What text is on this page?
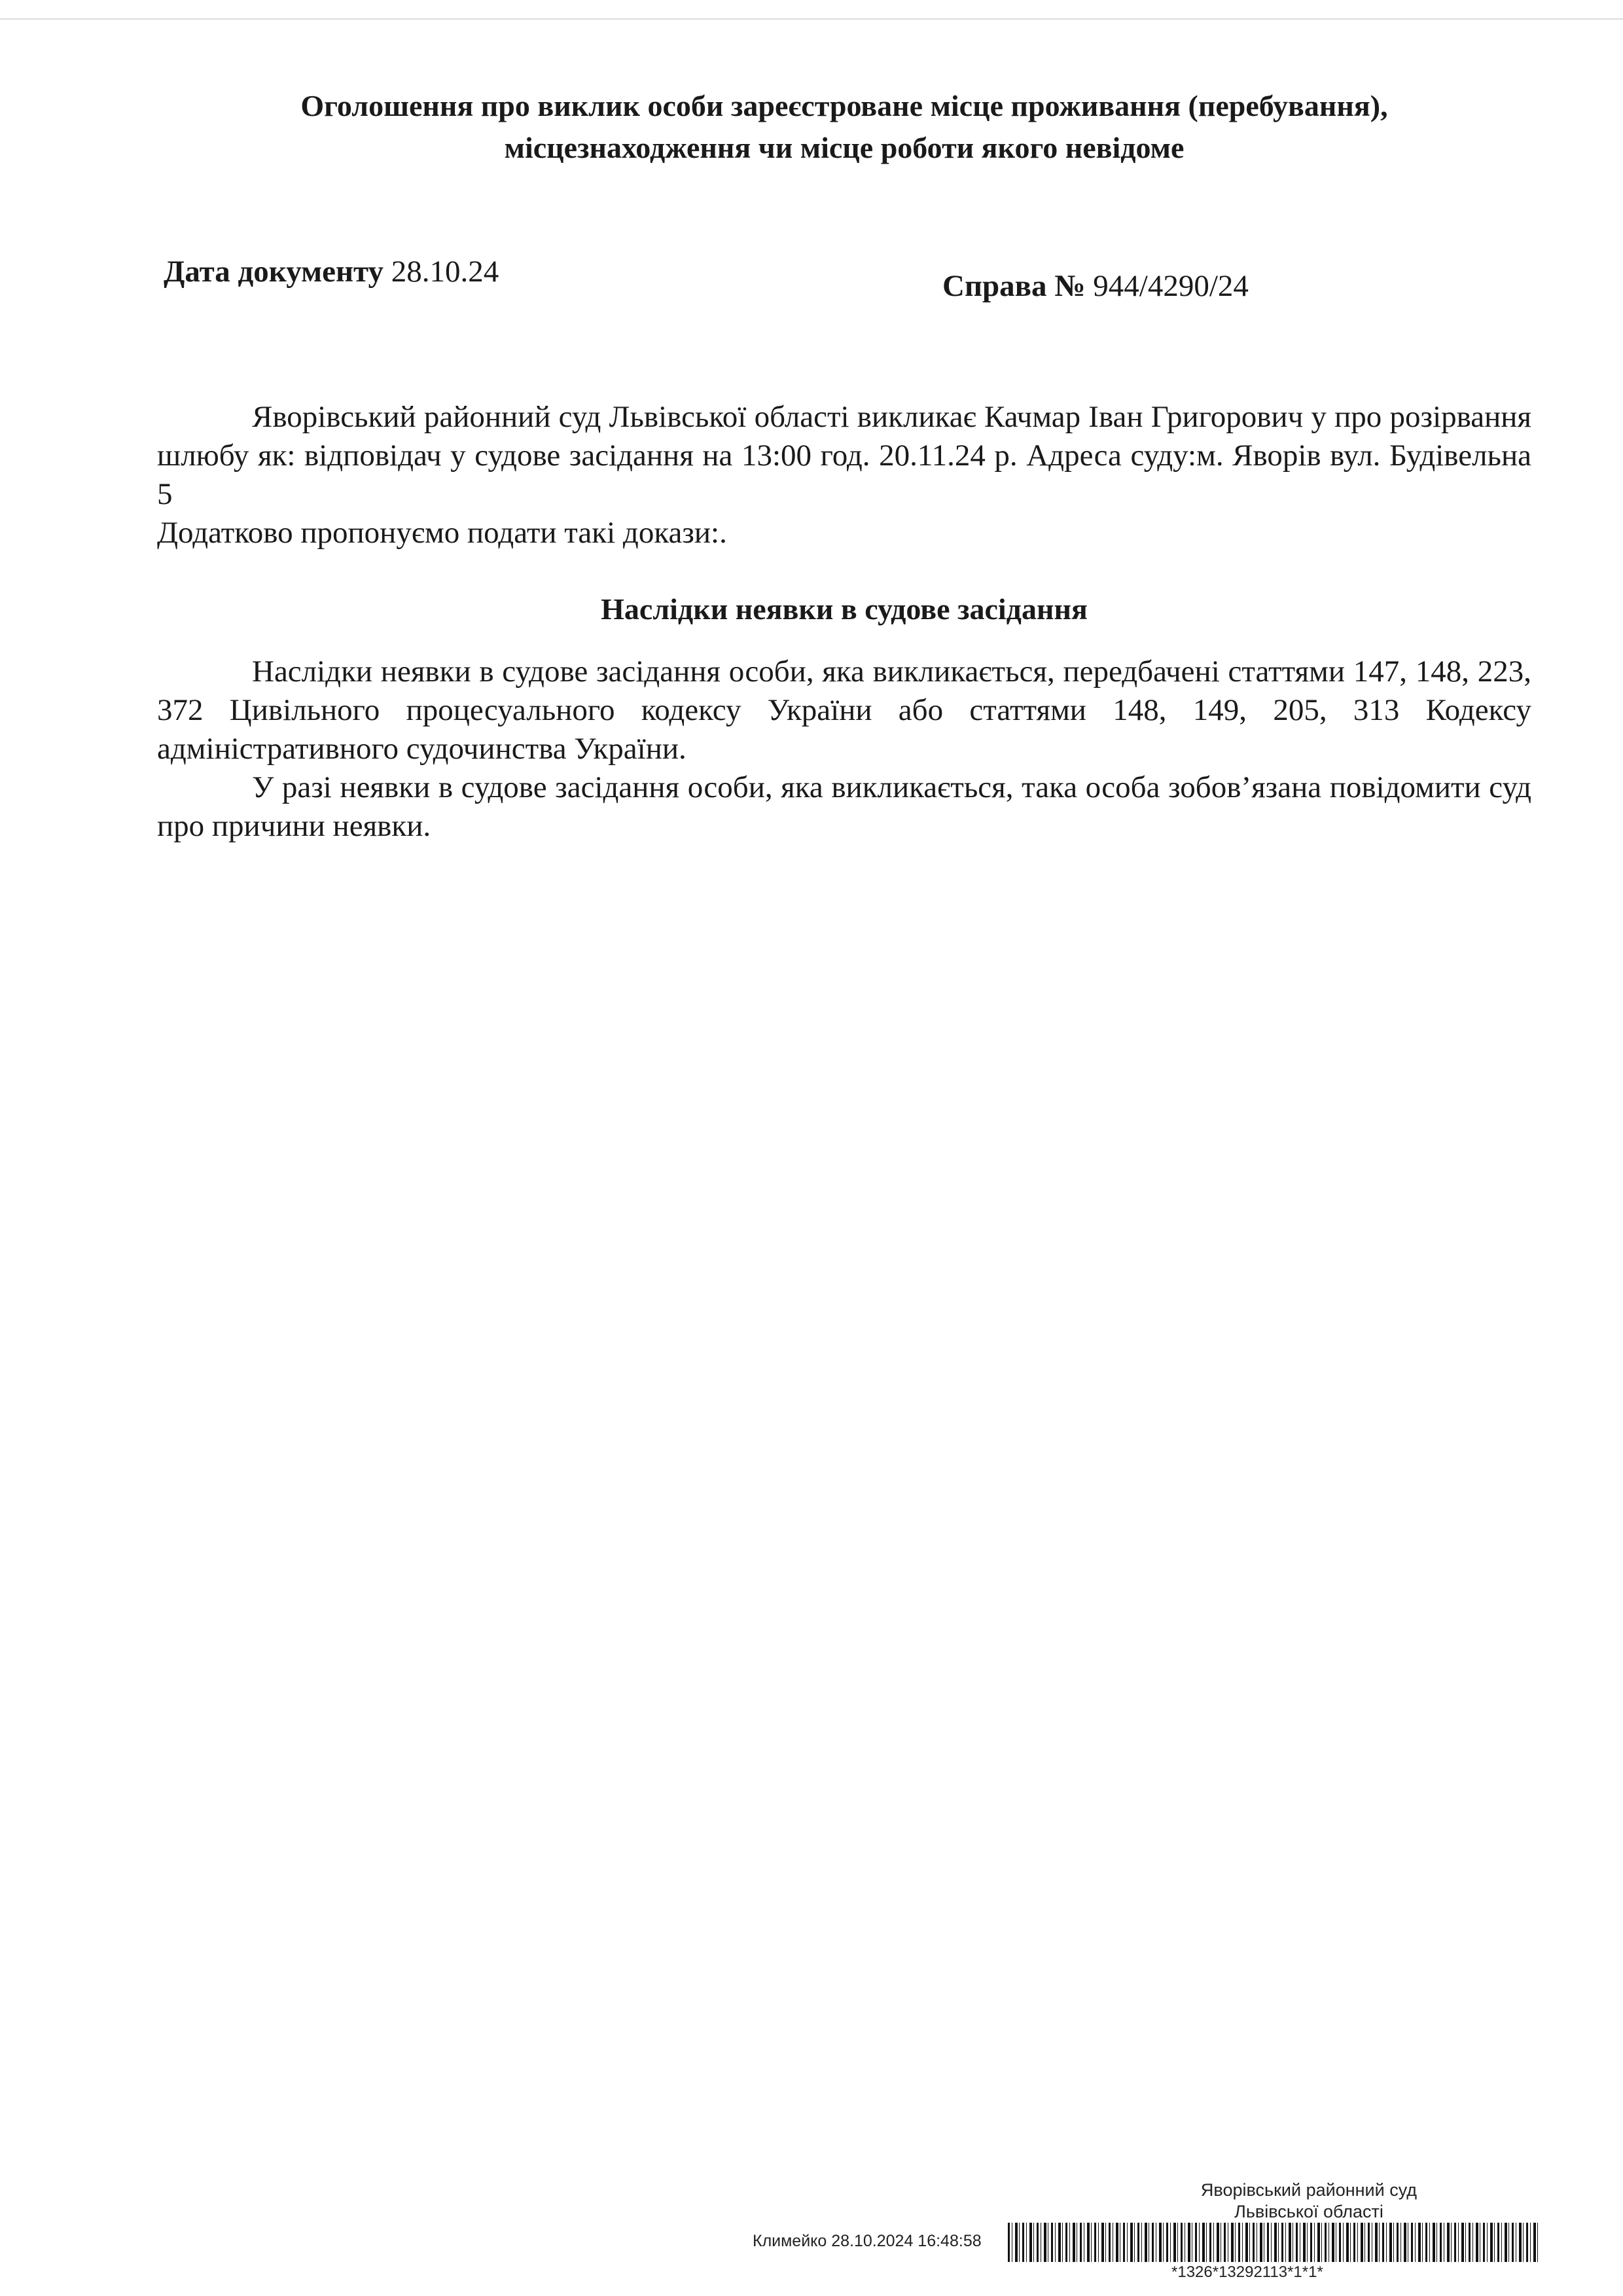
Оголошення про виклик особи зареєстроване місце проживання (перебування),
місцезнаходження чи місце роботи якого невідоме

Дата документу 28.10.24	Справа № 944/4290/24

Яворівський районний суд Львівської області викликає Качмар Іван Григорович у про розірвання шлюбу як: відповідач у судове засідання на 13:00 год. 20.11.24 р. Адреса суду:м. Яворів вул. Будівельна 5

Додатково пропонуємо подати такі докази:.

Наслідки неявки в судове засідання

Наслідки неявки в судове засідання особи, яка викликається, передбачені статтями 147, 148, 223, 372 Цивільного процесуального кодексу України або статтями 148, 149, 205, 313 Кодексу адміністративного судочинства України.

У разі неявки в судове засідання особи, яка викликається, така особа зобов’язана повідомити суд про причини неявки.

Яворівський районний суд
Львівської області
Климейко 28.10.2024 16:48:58
*1326*13292113*1*1*
